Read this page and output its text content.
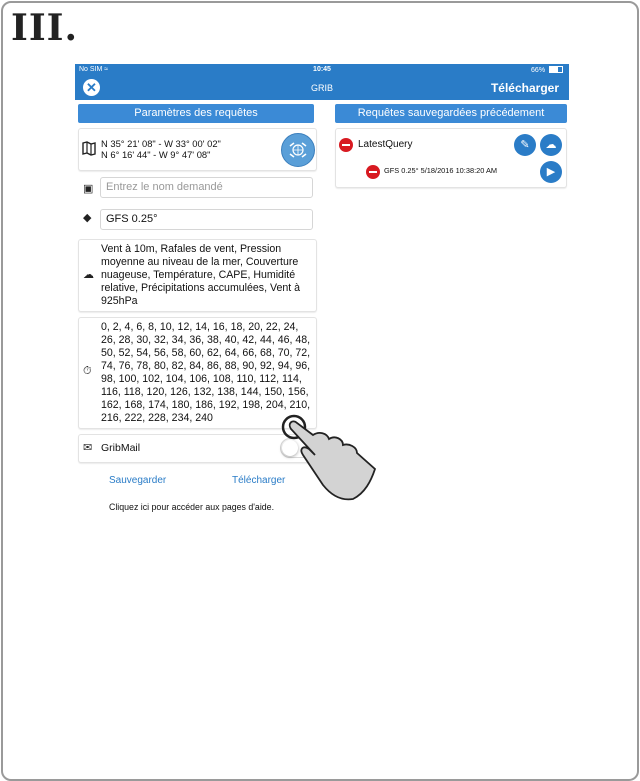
III.
No SIM ≈	10:45	66%
✕	GRIB	Télécharger
Paramètres des requêtes	Requêtes sauvegardées précédement
N 35° 21' 08" - W 33° 00' 02"
N 6° 16' 44" - W 9° 47' 08"
▣	Entrez le nom demandé
◆	GFS 0.25°
☁
Vent à 10m, Rafales de vent, Pression moyenne au niveau de la mer, Couverture nuageuse, Température, CAPE, Humidité relative, Précipitations accumulées, Vent à 925hPa
⏱
0, 2, 4, 6, 8, 10, 12, 14, 16, 18, 20, 22, 24, 26, 28, 30, 32, 34, 36, 38, 40, 42, 44, 46, 48, 50, 52, 54, 56, 58, 60, 62, 64, 66, 68, 70, 72, 74, 76, 78, 80, 82, 84, 86, 88, 90, 92, 94, 96, 98, 100, 102, 104, 106, 108, 110, 112, 114, 116, 118, 120, 126, 132, 138, 144, 150, 156, 162, 168, 174, 180, 186, 192, 198, 204, 210, 216, 222, 228, 234, 240
✉ GribMail
Sauvegarder	Télécharger
Cliquez ici pour accéder aux pages d'aide.
LatestQuery	✎	☁
GFS 0.25° 5/18/2016 10:38:20 AM	▶
